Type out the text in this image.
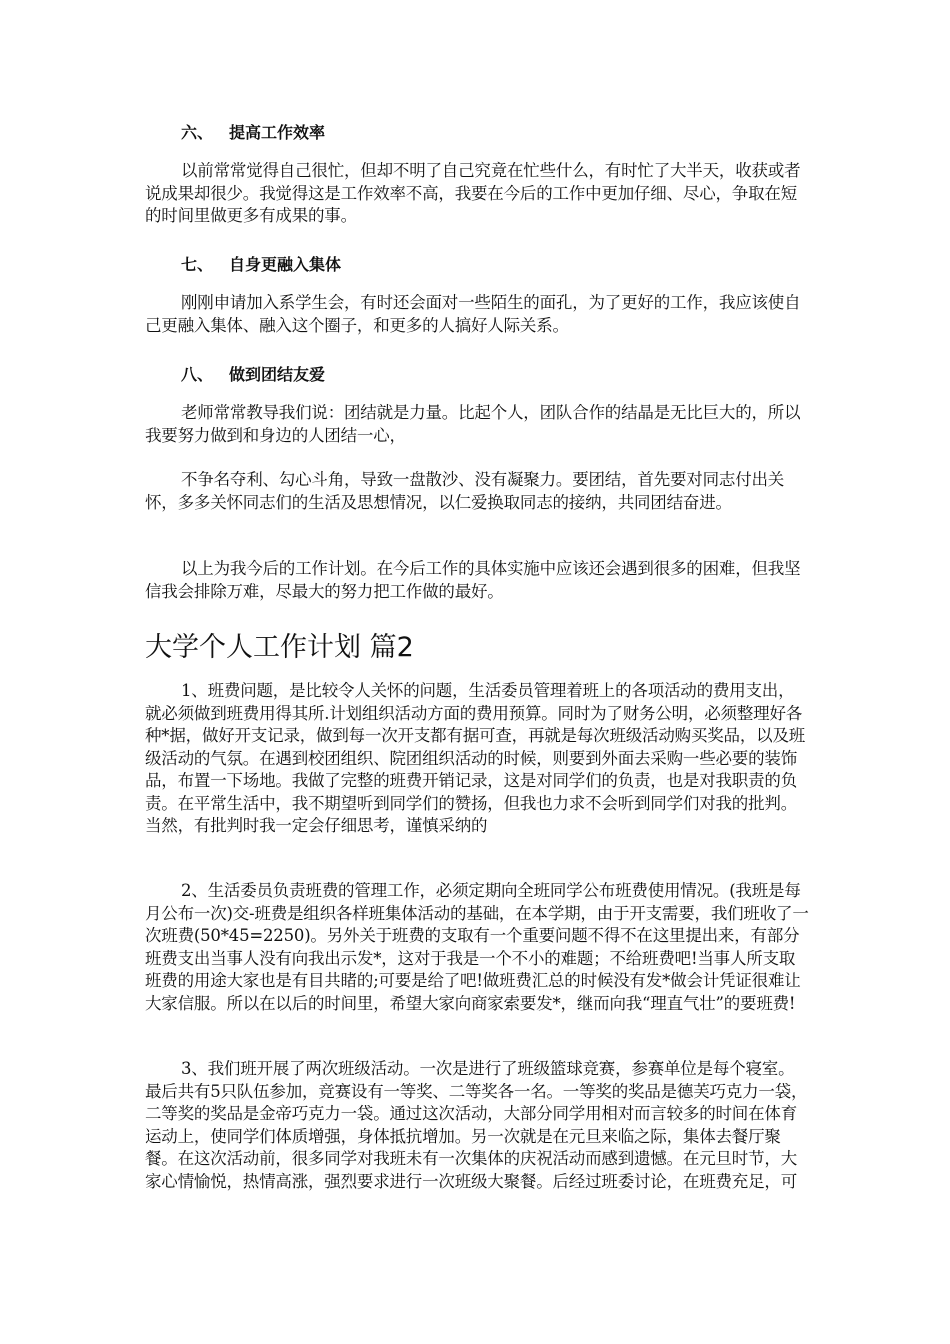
六、 提高工作效率

以前常常觉得自己很忙，但却不明了自己究竟在忙些什么，有时忙了大半天，收获或者说成果却很少。我觉得这是工作效率不高，我要在今后的工作中更加仔细、尽心，争取在短的时间里做更多有成果的事。

七、 自身更融入集体

刚刚申请加入系学生会，有时还会面对一些陌生的面孔，为了更好的工作，我应该使自己更融入集体、融入这个圈子，和更多的人搞好人际关系。

八、 做到团结友爱

老师常常教导我们说：团结就是力量。比起个人，团队合作的结晶是无比巨大的，所以我要努力做到和身边的人团结一心，

不争名夺利、勾心斗角，导致一盘散沙、没有凝聚力。要团结，首先要对同志付出关怀，多多关怀同志们的生活及思想情况，以仁爱换取同志的接纳，共同团结奋进。

以上为我今后的工作计划。在今后工作的具体实施中应该还会遇到很多的困难，但我坚信我会排除万难，尽最大的努力把工作做的最好。

大学个人工作计划 篇2

1、班费问题，是比较令人关怀的问题，生活委员管理着班上的各项活动的费用支出，就必须做到班费用得其所.计划组织活动方面的费用预算。同时为了财务公明，必须整理好各种*据，做好开支记录，做到每一次开支都有据可查，再就是每次班级活动购买奖品，以及班级活动的气氛。在遇到校团组织、院团组织活动的时候，则要到外面去采购一些必要的装饰品，布置一下场地。我做了完整的班费开销记录，这是对同学们的负责，也是对我职责的负责。在平常生活中，我不期望听到同学们的赞扬，但我也力求不会听到同学们对我的批判。当然，有批判时我一定会仔细思考，谨慎采纳的

2、生活委员负责班费的管理工作，必须定期向全班同学公布班费使用情况。(我班是每月公布一次)交-班费是组织各样班集体活动的基础，在本学期，由于开支需要，我们班收了一次班费(50*45=2250)。另外关于班费的支取有一个重要问题不得不在这里提出来，有部分班费支出当事人没有向我出示发*，这对于我是一个不小的难题；不给班费吧!当事人所支取班费的用途大家也是有目共睹的;可要是给了吧!做班费汇总的时候没有发*做会计凭证很难让大家信服。所以在以后的时间里，希望大家向商家索要发*，继而向我“理直气壮”的要班费!

3、我们班开展了两次班级活动。一次是进行了班级篮球竞赛，参赛单位是每个寝室。最后共有5只队伍参加，竞赛设有一等奖、二等奖各一名。一等奖的奖品是德芙巧克力一袋，二等奖的奖品是金帝巧克力一袋。通过这次活动，大部分同学用相对而言较多的时间在体育运动上，使同学们体质增强，身体抵抗增加。另一次就是在元旦来临之际，集体去餐厅聚餐。在这次活动前，很多同学对我班未有一次集体的庆祝活动而感到遗憾。在元旦时节，大家心情愉悦，热情高涨，强烈要求进行一次班级大聚餐。后经过班委讨论，在班费充足，可
